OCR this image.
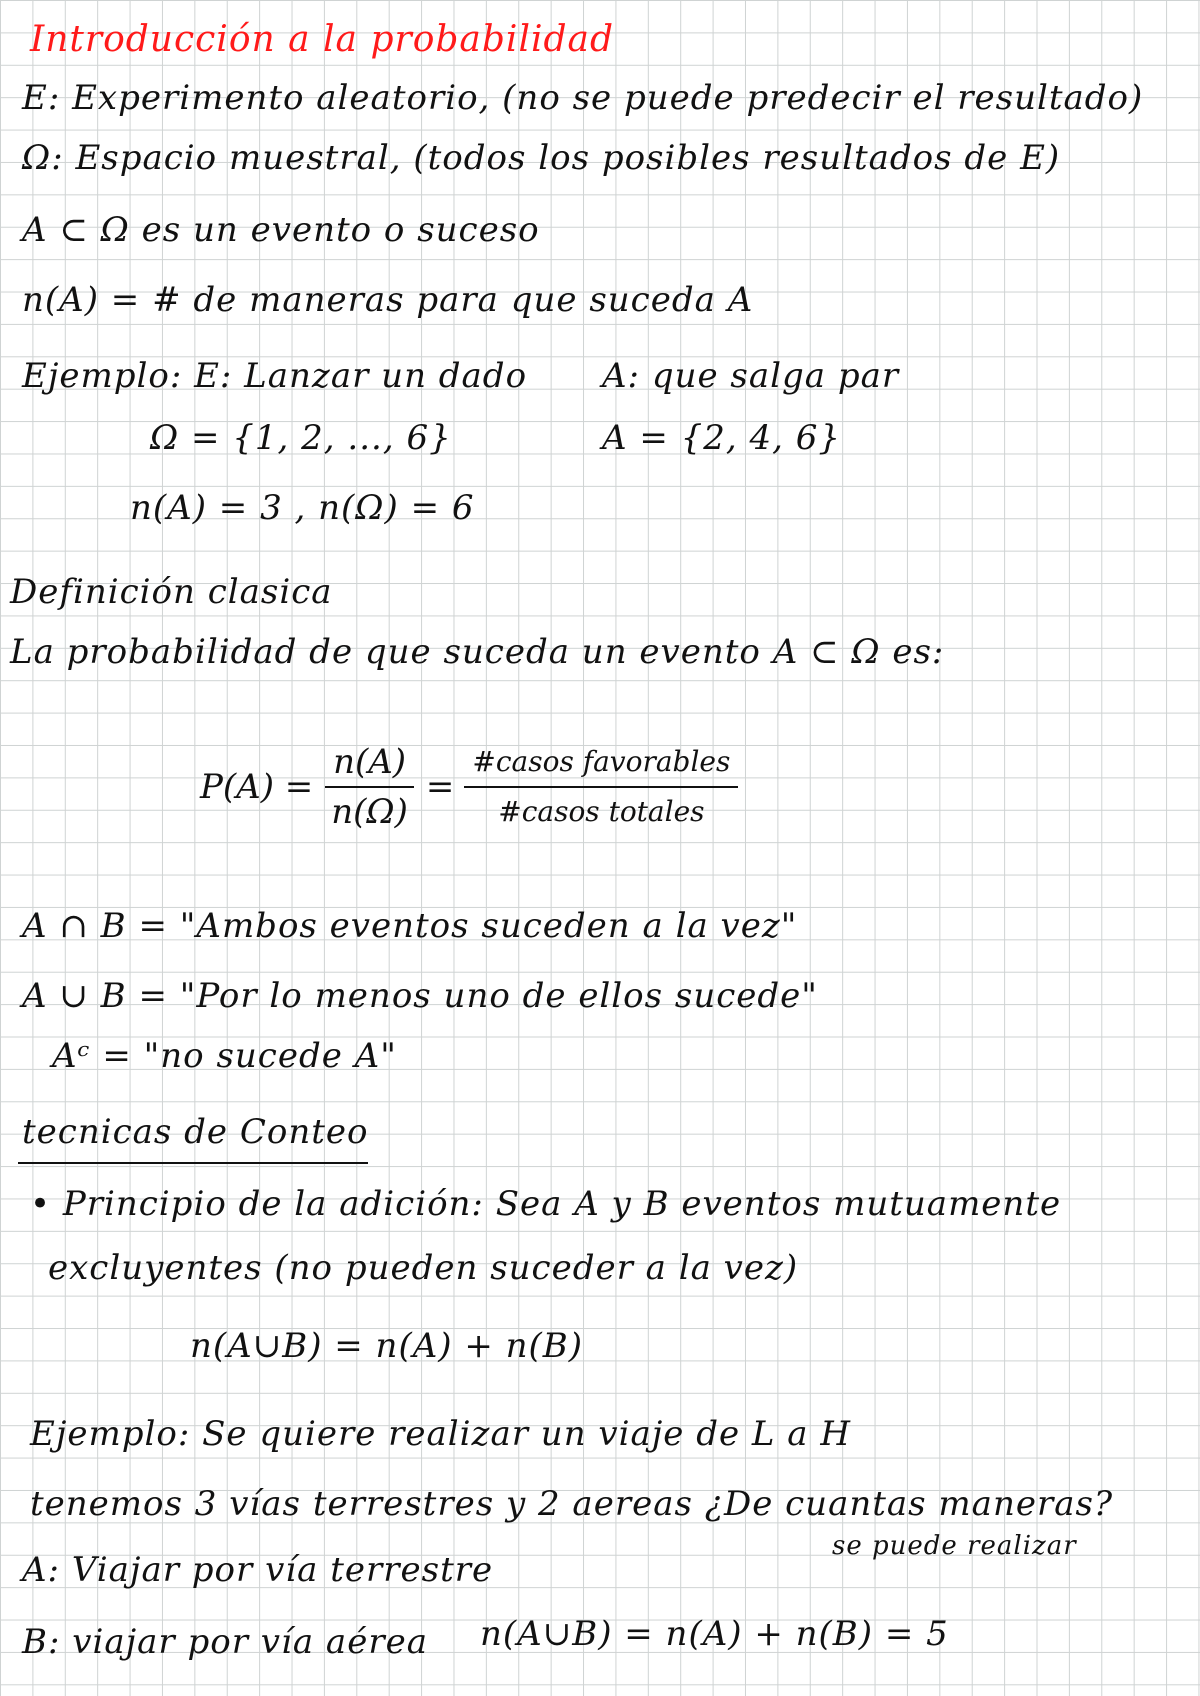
Introducción a la probabilidad
E: Experimento aleatorio, (no se puede predecir el resultado)
Ω: Espacio muestral, (todos los posibles resultados de E)
A ⊂ Ω es un evento o suceso
n(A) = # de maneras para que suceda A
Ejemplo: E: Lanzar un dado A: que salga par
Ω = {1, 2, ..., 6}	A = {2, 4, 6}
n(A) = 3 , n(Ω) = 6
Definición clasica
La probabilidad de que suceda un evento A ⊂ Ω es:
$P(A) = \frac{n(A)}{n(\Omega)} = \frac{\text{\#casos favorables}}{\text{\#casos totales}}$
A ∩ B = "Ambos eventos suceden a la vez"
A ∪ B = "Por lo menos uno de ellos sucede"
Aᶜ = "no sucede A"
tecnicas de Conteo
• Principio de la adición: Sea A y B eventos mutuamente
excluyentes (no pueden suceder a la vez)
n(A∪B) = n(A) + n(B)
Ejemplo: Se quiere realizar un viaje de L a H
tenemos 3 vías terrestres y 2 aereas ¿De cuantas maneras?
se puede realizar
A: Viajar por vía terrestre
B: viajar por vía aérea n(A∪B) = n(A) + n(B) = 5
